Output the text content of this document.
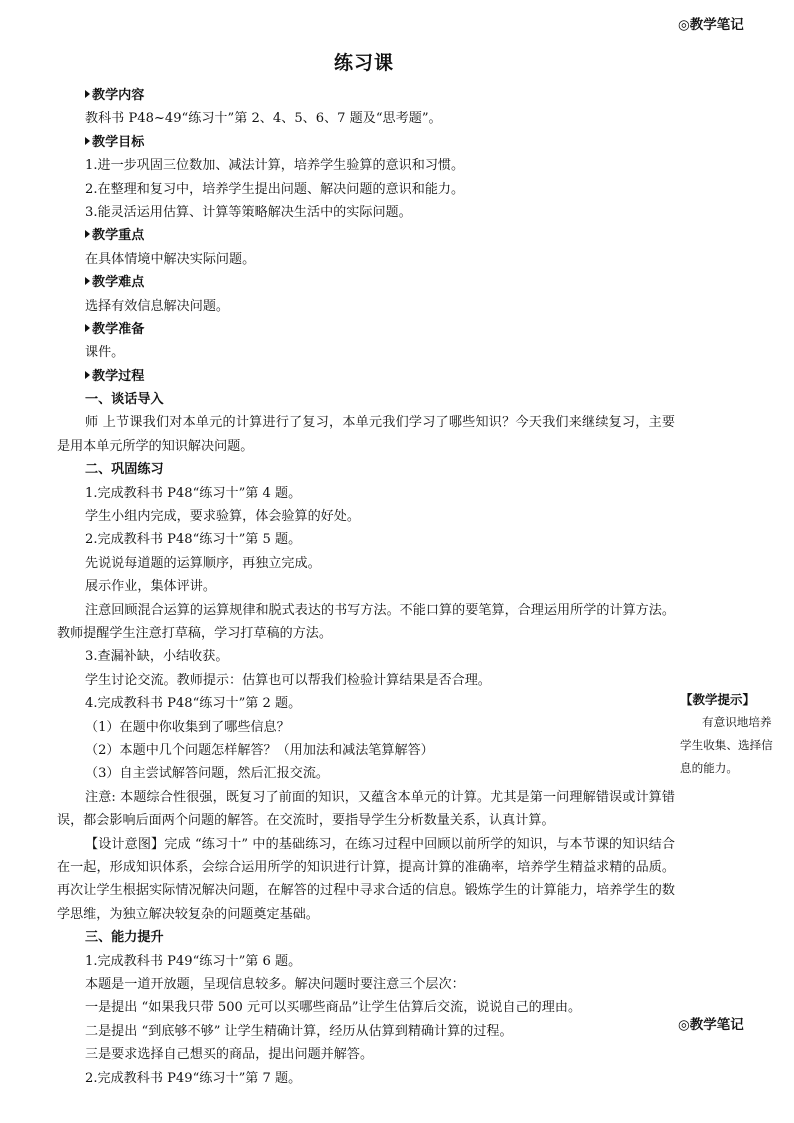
◎教学笔记
练习课
教学内容
教科书 P48~49“练习十”第 2、4、5、6、7 题及“思考题”。
教学目标
1.进一步巩固三位数加、减法计算，培养学生验算的意识和习惯。
2.在整理和复习中，培养学生提出问题、解决问题的意识和能力。
3.能灵活运用估算、计算等策略解决生活中的实际问题。
教学重点
在具体情境中解决实际问题。
教学难点
选择有效信息解决问题。
教学准备
课件。
教学过程
一、谈话导入
师 上节课我们对本单元的计算进行了复习，本单元我们学习了哪些知识？今天我们来继续复习，主要是用本单元所学的知识解决问题。
二、巩固练习
1.完成教科书 P48“练习十”第 4 题。
学生小组内完成，要求验算，体会验算的好处。
2.完成教科书 P48“练习十”第 5 题。
先说说每道题的运算顺序，再独立完成。
展示作业，集体评讲。
注意回顾混合运算的运算规律和脱式表达的书写方法。不能口算的要笔算，合理运用所学的计算方法。教师提醒学生注意打草稿，学习打草稿的方法。
3.查漏补缺，小结收获。
学生讨论交流。教师提示：估算也可以帮我们检验计算结果是否合理。
4.完成教科书 P48“练习十”第 2 题。
（1）在题中你收集到了哪些信息？
（2）本题中几个问题怎样解答？（用加法和减法笔算解答）
（3）自主尝试解答问题，然后汇报交流。
注意: 本题综合性很强，既复习了前面的知识，又蕴含本单元的计算。尤其是第一问理解错误或计算错误，都会影响后面两个问题的解答。在交流时，要指导学生分析数量关系，认真计算。
【设计意图】完成 “练习十” 中的基础练习，在练习过程中回顾以前所学的知识，与本节课的知识结合在一起，形成知识体系，会综合运用所学的知识进行计算，提高计算的准确率，培养学生精益求精的品质。再次让学生根据实际情况解决问题，在解答的过程中寻求合适的信息。锻炼学生的计算能力，培养学生的数学思维，为独立解决较复杂的问题奠定基础。
三、能力提升
1.完成教科书 P49“练习十”第 6 题。
本题是一道开放题，呈现信息较多。解决问题时要注意三个层次：
一是提出 “如果我只带 500 元可以买哪些商品”让学生估算后交流，说说自己的理由。
二是提出 “到底够不够” 让学生精确计算，经历从估算到精确计算的过程。
三是要求选择自己想买的商品，提出问题并解答。
2.完成教科书 P49“练习十”第 7 题。
【教学提示】
有意识地培养学生收集、选择信息的能力。
◎教学笔记
